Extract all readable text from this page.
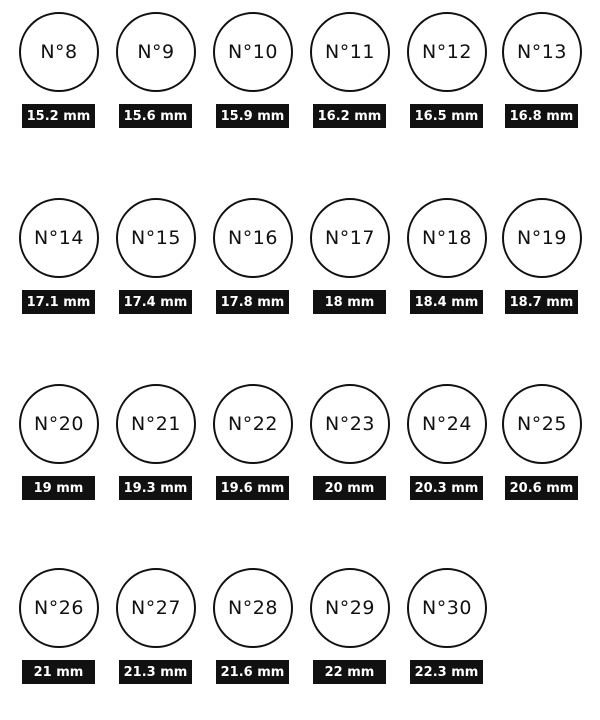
N°8
15.2 mm
N°9
15.6 mm
N°10
15.9 mm
N°11
16.2 mm
N°12
16.5 mm
N°13
16.8 mm
N°14
17.1 mm
N°15
17.4 mm
N°16
17.8 mm
N°17
18 mm
N°18
18.4 mm
N°19
18.7 mm
N°20
19 mm
N°21
19.3 mm
N°22
19.6 mm
N°23
20 mm
N°24
20.3 mm
N°25
20.6 mm
N°26
21 mm
N°27
21.3 mm
N°28
21.6 mm
N°29
22 mm
N°30
22.3 mm
